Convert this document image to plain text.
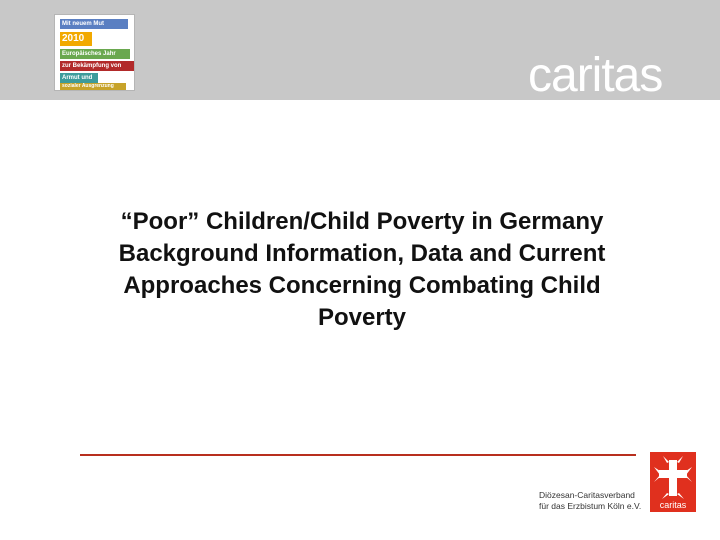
Mit neuem Mut
2010
Europäisches Jahr
zur Bekämpfung von
Armut und
sozialer Ausgrenzung	caritas
“Poor” Children/Child Poverty in Germany
Background Information, Data and Current
Approaches Concerning Combating Child
Poverty
Diözesan-Caritasverband
für das Erzbistum Köln e.V.	caritas
